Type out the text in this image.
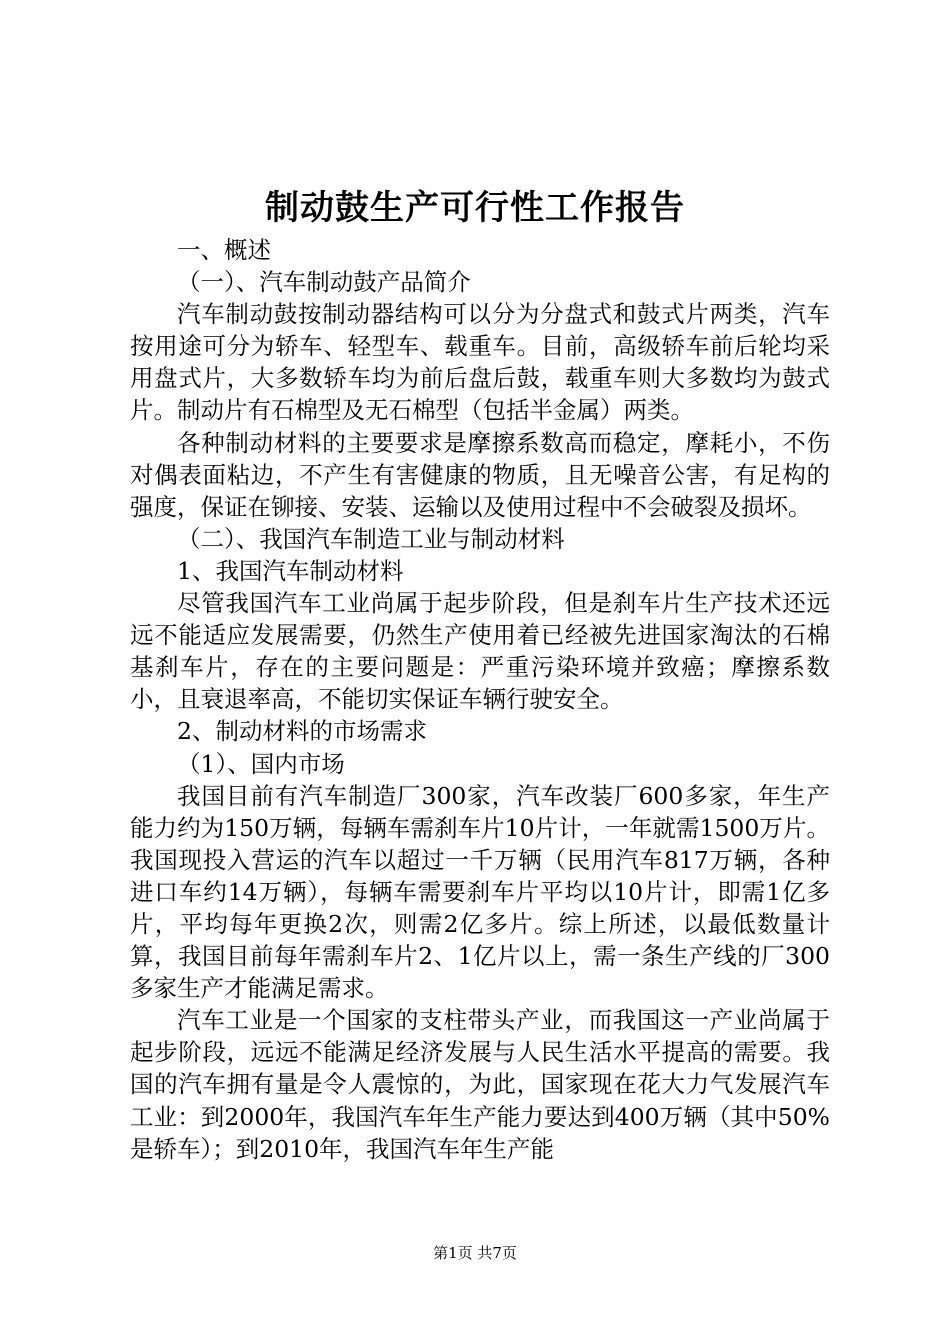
制动鼓生产可行性工作报告

一、概述

（一）、汽车制动鼓产品简介

汽车制动鼓按制动器结构可以分为分盘式和鼓式片两类，汽车按用途可分为轿车、轻型车、载重车。目前，高级轿车前后轮均采用盘式片，大多数轿车均为前后盘后鼓，载重车则大多数均为鼓式片。制动片有石棉型及无石棉型（包括半金属）两类。

各种制动材料的主要要求是摩擦系数高而稳定，摩耗小，不伤对偶表面粘边，不产生有害健康的物质，且无噪音公害，有足构的强度，保证在铆接、安装、运输以及使用过程中不会破裂及损坏。

（二）、我国汽车制造工业与制动材料

1、我国汽车制动材料

尽管我国汽车工业尚属于起步阶段，但是刹车片生产技术还远远不能适应发展需要，仍然生产使用着已经被先进国家淘汰的石棉基刹车片，存在的主要问题是：严重污染环境并致癌；摩擦系数小，且衰退率高，不能切实保证车辆行驶安全。

2、制动材料的市场需求

（1）、国内市场

我国目前有汽车制造厂300家，汽车改装厂600多家，年生产能力约为150万辆，每辆车需刹车片10片计，一年就需1500万片。我国现投入营运的汽车以超过一千万辆（民用汽车817万辆，各种进口车约14万辆），每辆车需要刹车片平均以10片计，即需1亿多片，平均每年更换2次，则需2亿多片。综上所述，以最低数量计算，我国目前每年需刹车片2、1亿片以上，需一条生产线的厂300多家生产才能满足需求。

汽车工业是一个国家的支柱带头产业，而我国这一产业尚属于起步阶段，远远不能满足经济发展与人民生活水平提高的需要。我国的汽车拥有量是令人震惊的，为此，国家现在花大力气发展汽车工业：到2000年，我国汽车年生产能力要达到400万辆（其中50%是轿车）；到2010年，我国汽车年生产能

第1页 共7页
